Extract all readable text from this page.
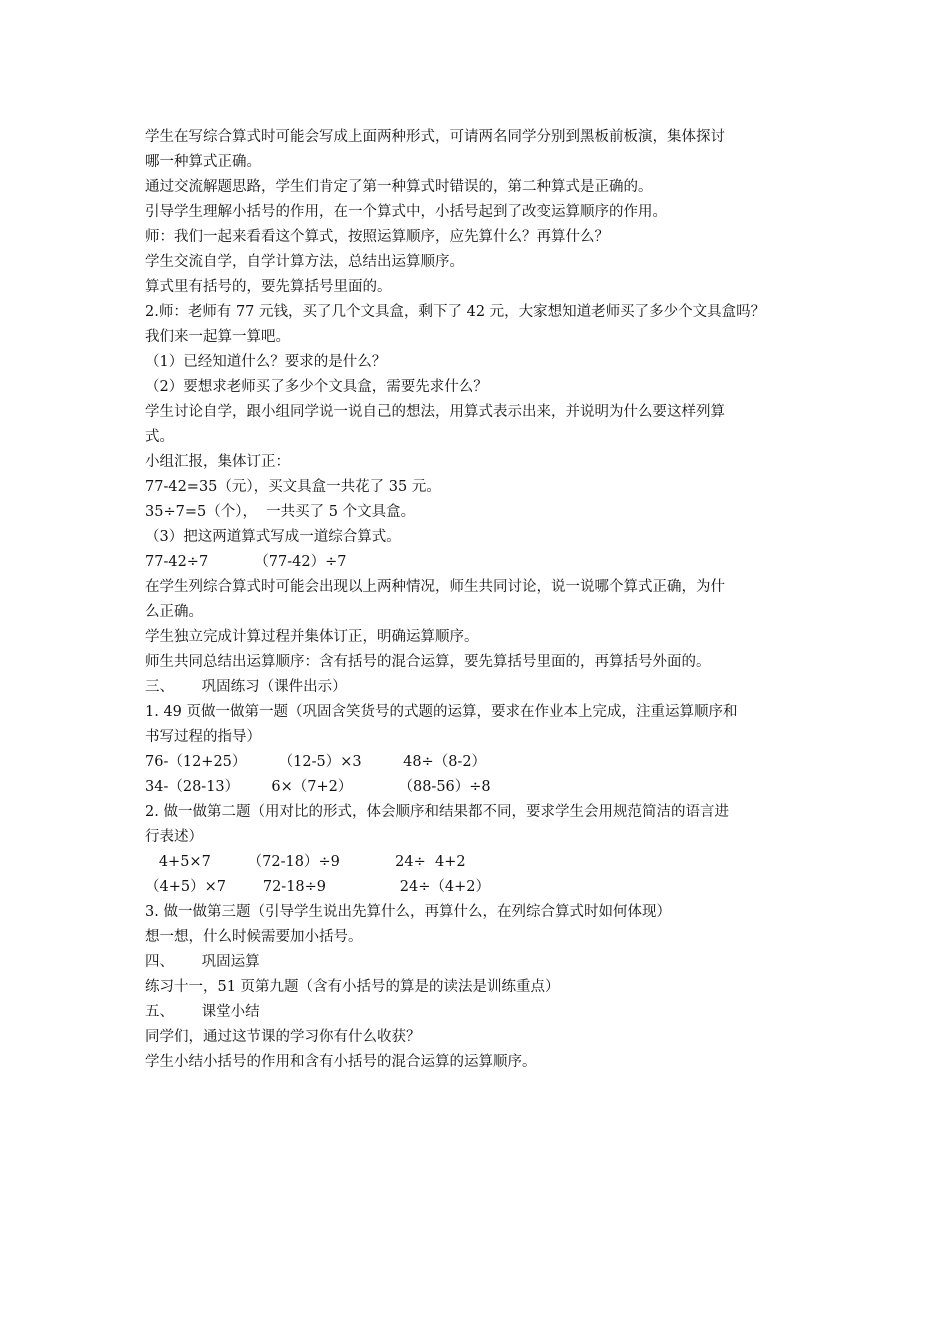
学生在写综合算式时可能会写成上面两种形式，可请两名同学分别到黑板前板演，集体探讨
哪一种算式正确。
通过交流解题思路，学生们肯定了第一种算式时错误的，第二种算式是正确的。
引导学生理解小括号的作用，在一个算式中，小括号起到了改变运算顺序的作用。
师：我们一起来看看这个算式，按照运算顺序，应先算什么？再算什么？
学生交流自学，自学计算方法，总结出运算顺序。
算式里有括号的，要先算括号里面的。
2.师：老师有 77 元钱，买了几个文具盒，剩下了 42 元，大家想知道老师买了多少个文具盒吗？
我们来一起算一算吧。
（1）已经知道什么？要求的是什么？
（2）要想求老师买了多少个文具盒，需要先求什么？
学生讨论自学，跟小组同学说一说自己的想法，用算式表示出来，并说明为什么要这样列算
式。
小组汇报，集体订正：
77-42=35（元），买文具盒一共花了 35 元。
35÷7=5（个），  一共买了 5 个文具盒。
（3）把这两道算式写成一道综合算式。
77-42÷7          （77-42）÷7
在学生列综合算式时可能会出现以上两种情况，师生共同讨论，说一说哪个算式正确，为什
么正确。
学生独立完成计算过程并集体订正，明确运算顺序。
师生共同总结出运算顺序：含有括号的混合运算，要先算括号里面的，再算括号外面的。
三、      巩固练习（课件出示）
1. 49 页做一做第一题（巩固含笑货号的式题的运算，要求在作业本上完成，注重运算顺序和
书写过程的指导）
76-（12+25）       （12-5）×3         48÷（8-2）
34-（28-13）       6×（7+2）          （88-56）÷8
2. 做一做第二题（用对比的形式，体会顺序和结果都不同，要求学生会用规范简洁的语言进
行表述）
4+5×7        （72-18）÷9            24÷  4+2
（4+5）×7        72-18÷9                24÷（4+2）
3. 做一做第三题（引导学生说出先算什么，再算什么，在列综合算式时如何体现）
想一想，什么时候需要加小括号。
四、      巩固运算
练习十一，51 页第九题（含有小括号的算是的读法是训练重点）
五、      课堂小结
同学们，通过这节课的学习你有什么收获？
学生小结小括号的作用和含有小括号的混合运算的运算顺序。
